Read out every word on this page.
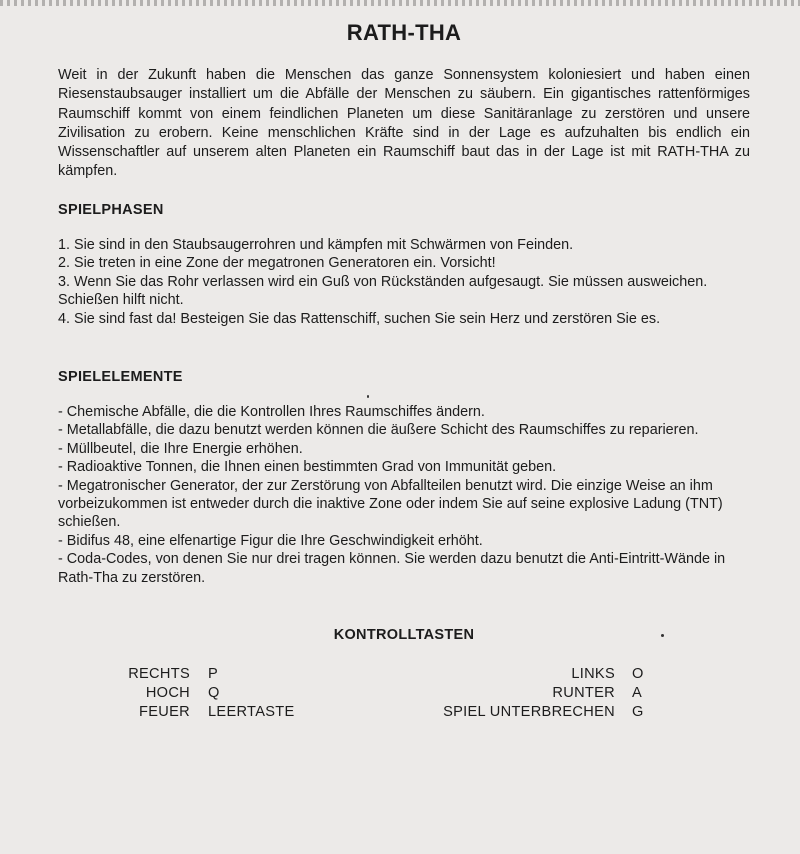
RATH-THA

Weit in der Zukunft haben die Menschen das ganze Sonnensystem koloniesiert und haben einen Riesenstaubsauger installiert um die Abfälle der Menschen zu säubern. Ein gigantisches rattenförmiges Raumschiff kommt von einem feindlichen Planeten um diese Sanitäranlage zu zerstören und unsere Zivilisation zu erobern. Keine menschlichen Kräfte sind in der Lage es aufzuhalten bis endlich ein Wissenschaftler auf unserem alten Planeten ein Raumschiff baut das in der Lage ist mit RATH-THA zu kämpfen.

SPIELPHASEN
1. Sie sind in den Staubsaugerrohren und kämpfen mit Schwärmen von Feinden.
2. Sie treten in eine Zone der megatronen Generatoren ein. Vorsicht!
3. Wenn Sie das Rohr verlassen wird ein Guß von Rückständen aufgesaugt. Sie müssen ausweichen. Schießen hilft nicht.
4. Sie sind fast da! Besteigen Sie das Rattenschiff, suchen Sie sein Herz und zerstören Sie es.
SPIELELEMENTE
- Chemische Abfälle, die die Kontrollen Ihres Raumschiffes ändern.
- Metallabfälle, die dazu benutzt werden können die äußere Schicht des Raumschiffes zu reparieren.
- Müllbeutel, die Ihre Energie erhöhen.
- Radioaktive Tonnen, die Ihnen einen bestimmten Grad von Immunität geben.
- Megatronischer Generator, der zur Zerstörung von Abfallteilen benutzt wird. Die einzige Weise an ihm vorbeizukommen ist entweder durch die inaktive Zone oder indem Sie auf seine explosive Ladung (TNT) schießen.
- Bidifus 48, eine elfenartige Figur die Ihre Geschwindigkeit erhöht.
- Coda-Codes, von denen Sie nur drei tragen können. Sie werden dazu benutzt die Anti-Eintritt-Wände in Rath-Tha zu zerstören.
KONTROLLTASTEN
RECHTS P
HOCH Q
FEUER LEERTASTE
LINKS O
RUNTER A
SPIEL UNTERBRECHEN G
